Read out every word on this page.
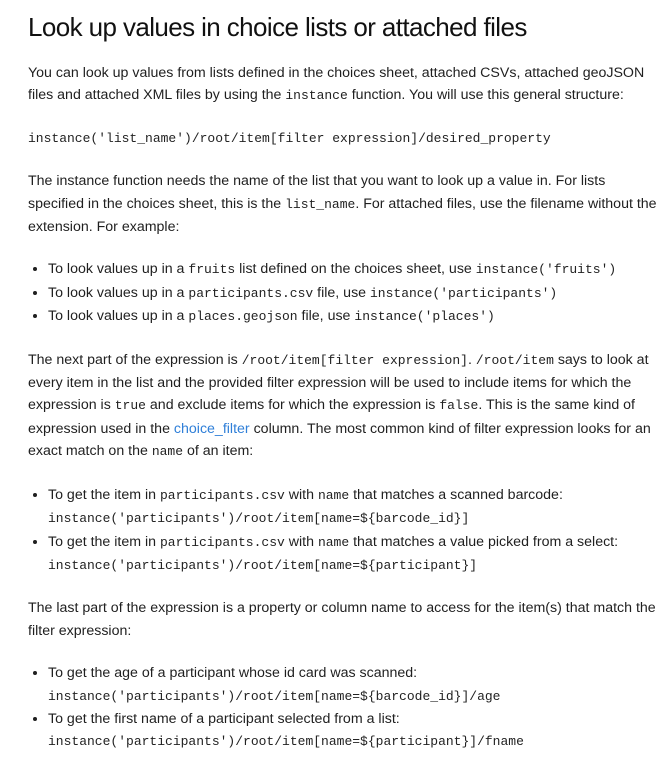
Look up values in choice lists or attached files

You can look up values from lists defined in the choices sheet, attached CSVs, attached geoJSON files and attached XML files by using the instance function. You will use this general structure:

instance('list_name')/root/item[filter expression]/desired_property

The instance function needs the name of the list that you want to look up a value in. For lists specified in the choices sheet, this is the list_name. For attached files, use the filename without the extension. For example:

• To look values up in a fruits list defined on the choices sheet, use instance('fruits')
• To look values up in a participants.csv file, use instance('participants')
• To look values up in a places.geojson file, use instance('places')

The next part of the expression is /root/item[filter expression]. /root/item says to look at every item in the list and the provided filter expression will be used to include items for which the expression is true and exclude items for which the expression is false. This is the same kind of expression used in the choice_filter column. The most common kind of filter expression looks for an exact match on the name of an item:

• To get the item in participants.csv with name that matches a scanned barcode:
instance('participants')/root/item[name=${barcode_id}]
• To get the item in participants.csv with name that matches a value picked from a select:
instance('participants')/root/item[name=${participant}]

The last part of the expression is a property or column name to access for the item(s) that match the filter expression:

• To get the age of a participant whose id card was scanned:
instance('participants')/root/item[name=${barcode_id}]/age
• To get the first name of a participant selected from a list:
instance('participants')/root/item[name=${participant}]/fname
